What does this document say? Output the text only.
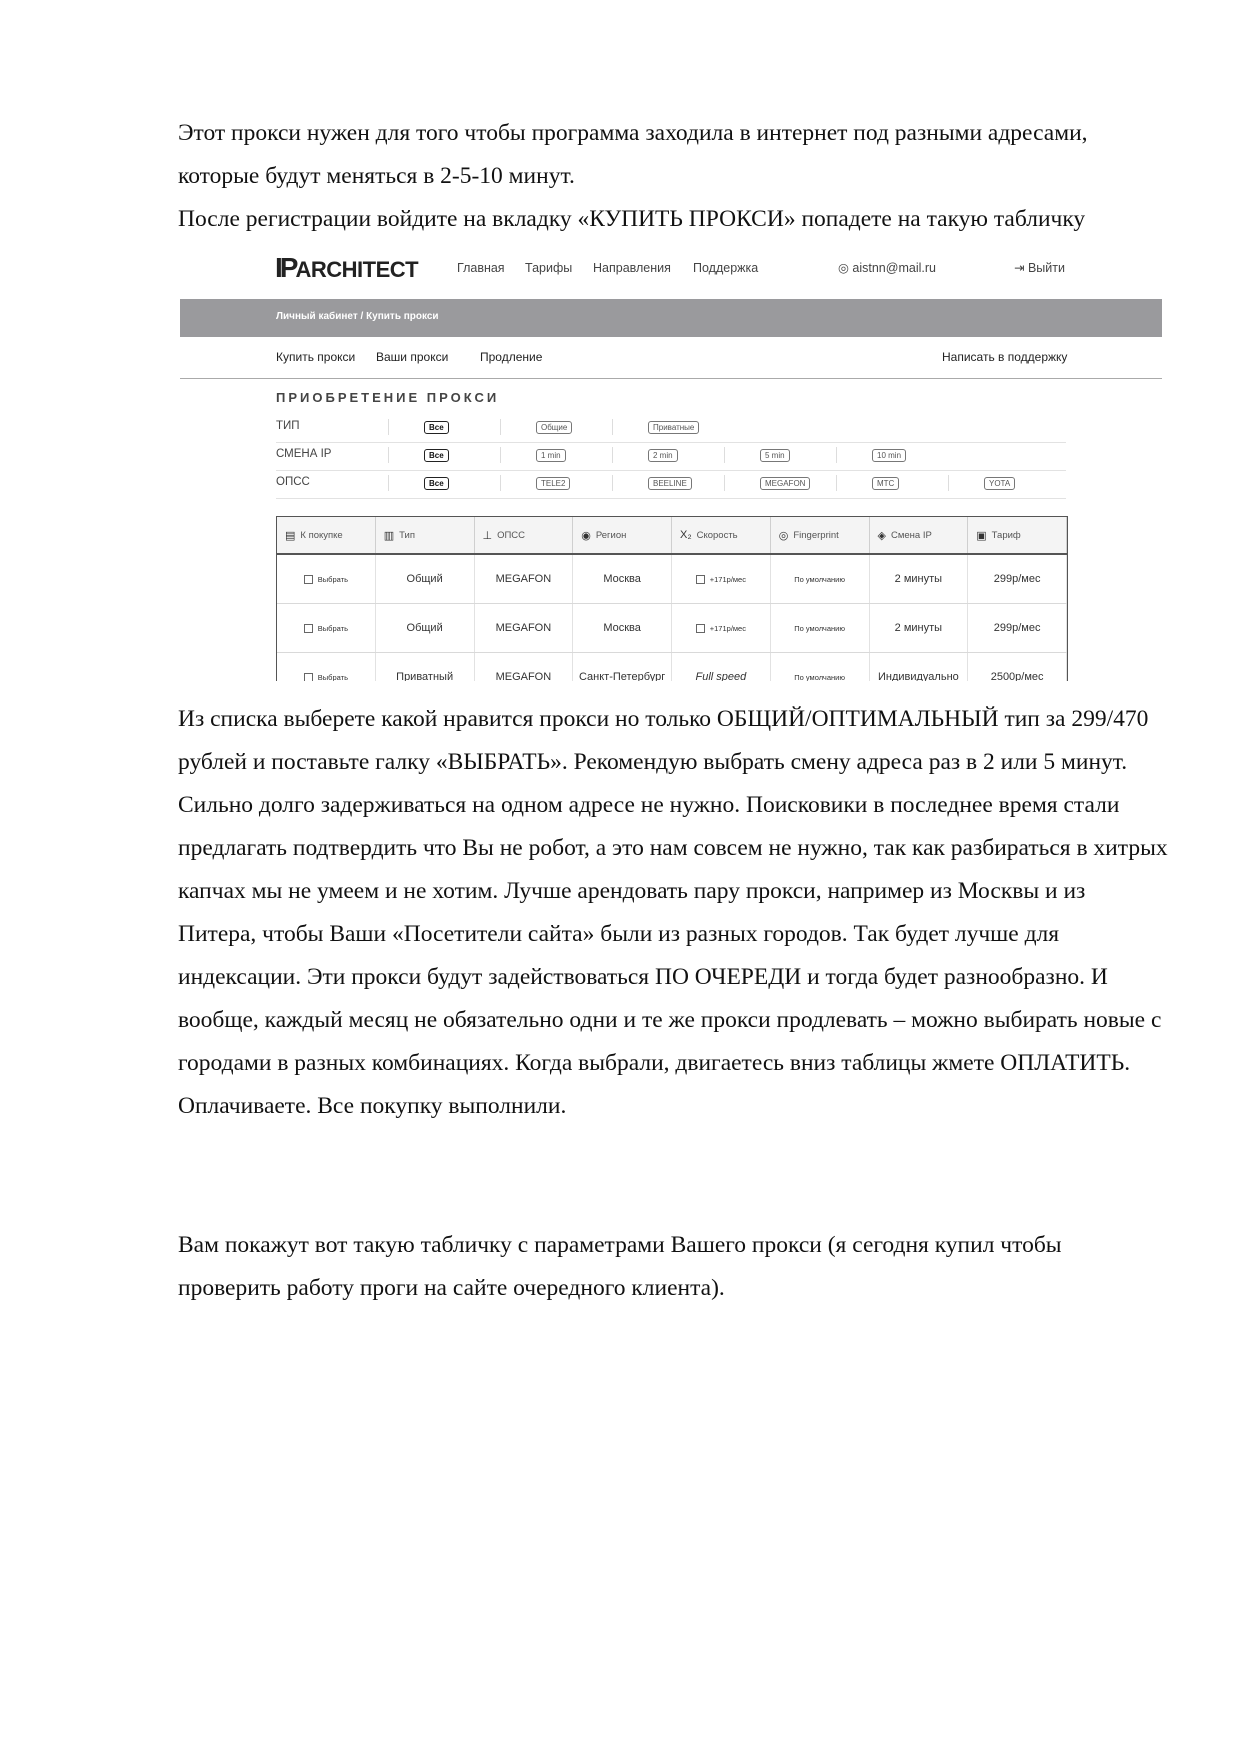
Этот прокси нужен для того чтобы программа заходила в интернет под разными адресами, которые будут меняться в 2-5-10 минут.
После регистрации войдите на вкладку «КУПИТЬ ПРОКСИ» попадете на такую табличку

IPARCHITECT	Главная Тарифы Направления Поддержка	◎ aistnn@mail.ru	⇥ Выйти
Личный кабинет / Купить прокси
Купить прокси Ваши прокси	Продление	Написать в поддержку
ПРИОБРЕТЕНИЕ ПРОКСИ
ТИП	Все	Общие	Приватные
СМЕНА IP	Все	1 min	2 min	5 min	10 min
ОПСС	Все	TELE2	BEELINE	MEGAFON	МТС	YOTA
▤ К покупке	▥ Тип	⊥ ОПСС	◉ Регион	X₂ Скорость	◎ Fingerprint	◈ Смена IP	▣ Тариф
Выбрать	Общий	MEGAFON	Москва	+171р/мес	По умолчанию	2 минуты	299р/мес
Выбрать	Общий	MEGAFON	Москва	+171р/мес	По умолчанию	2 минуты	299р/мес
Выбрать	Приватный	MEGAFON	Санкт-Петербург	Full speed	По умолчанию	Индивидуально	2500р/мес

Из списка выберете какой нравится прокси но только ОБЩИЙ/ОПТИМАЛЬНЫЙ тип за 299/470 рублей и поставьте галку «ВЫБРАТЬ». Рекомендую выбрать смену адреса раз в 2 или 5 минут. Сильно долго задерживаться на одном адресе не нужно. Поисковики в последнее время стали предлагать подтвердить что Вы не робот, а это нам совсем не нужно, так как разбираться в хитрых капчах мы не умеем и не хотим. Лучше арендовать пару прокси, например из Москвы и из Питера, чтобы Ваши «Посетители сайта» были из разных городов. Так будет лучше для индексации. Эти прокси будут задействоваться ПО ОЧЕРЕДИ и тогда будет разнообразно. И вообще, каждый месяц не обязательно одни и те же прокси продлевать – можно выбирать новые с городами в разных комбинациях. Когда выбрали, двигаетесь вниз таблицы жмете ОПЛАТИТЬ. Оплачиваете. Все покупку выполнили.

Вам покажут вот такую табличку с параметрами Вашего прокси (я сегодня купил чтобы проверить работу проги на сайте очередного клиента).
